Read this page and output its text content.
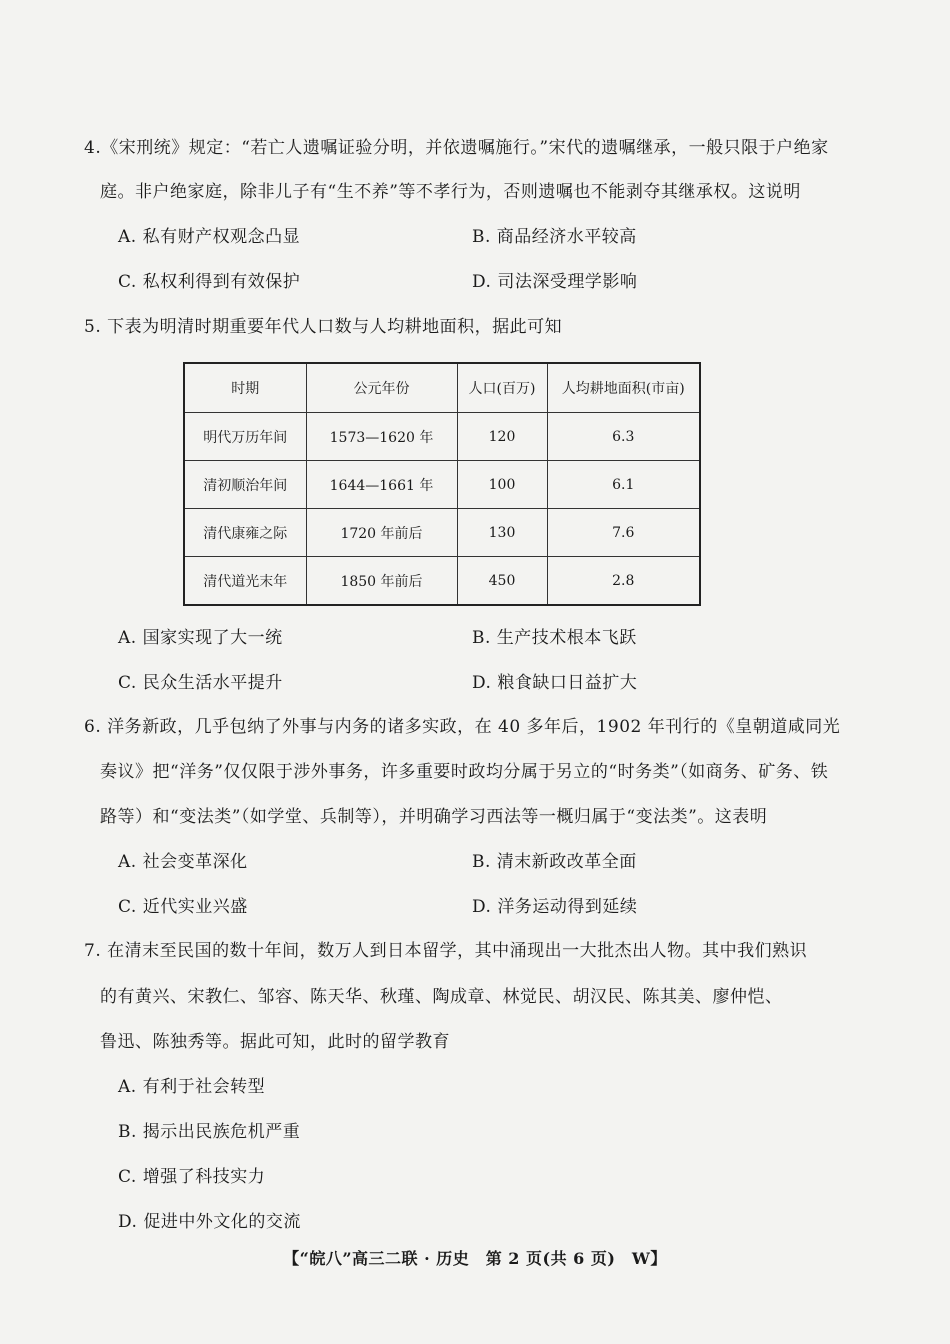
4.《宋刑统》规定：“若亡人遗嘱证验分明，并依遗嘱施行。”宋代的遗嘱继承，一般只限于户绝家
庭。非户绝家庭，除非儿子有“生不养”等不孝行为，否则遗嘱也不能剥夺其继承权。这说明
A. 私有财产权观念凸显	B. 商品经济水平较高
C. 私权利得到有效保护	D. 司法深受理学影响
5. 下表为明清时期重要年代人口数与人均耕地面积，据此可知
时期	公元年份	人口(百万)	人均耕地面积(市亩)
明代万历年间	1573—1620 年	120	6.3
清初顺治年间	1644—1661 年	100	6.1
清代康雍之际	1720 年前后	130	7.6
清代道光末年	1850 年前后	450	2.8
A. 国家实现了大一统	B. 生产技术根本飞跃
C. 民众生活水平提升	D. 粮食缺口日益扩大
6. 洋务新政，几乎包纳了外事与内务的诸多实政，在 40 多年后，1902 年刊行的《皇朝道咸同光
奏议》把“洋务”仅仅限于涉外事务，许多重要时政均分属于另立的“时务类”（如商务、矿务、铁
路等）和“变法类”（如学堂、兵制等），并明确学习西法等一概归属于“变法类”。这表明
A. 社会变革深化	B. 清末新政改革全面
C. 近代实业兴盛	D. 洋务运动得到延续
7. 在清末至民国的数十年间，数万人到日本留学，其中涌现出一大批杰出人物。其中我们熟识
的有黄兴、宋教仁、邹容、陈天华、秋瑾、陶成章、林觉民、胡汉民、陈其美、廖仲恺、
鲁迅、陈独秀等。据此可知，此时的留学教育
A. 有利于社会转型
B. 揭示出民族危机严重
C. 增强了科技实力
D. 促进中外文化的交流
【“皖八”高三二联 · 历史　第 2 页(共 6 页)　W】
